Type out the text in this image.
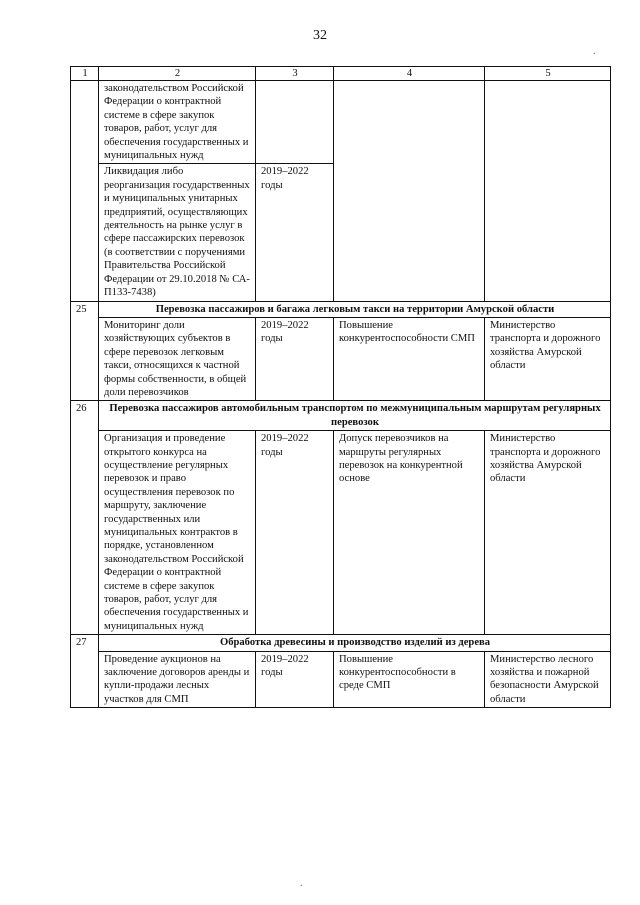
32
.
1	2	3	4	5
	законодательством Российской Федерации о контрактной системе в сфере закупок товаров, работ, услуг для обеспечения государственных и муниципальных нужд			
	Ликвидация либо реорганизация государственных и муниципальных унитарных предприятий, осуществляющих деятельность на рынке услуг в сфере пассажирских перевозок (в соответствии с поручениями Правительства Российской Федерации от 29.10.2018 № СА-П133-7438)	2019–2022 годы		
25	Перевозка пассажиров и багажа легковым такси на территории Амурской области			
	Мониторинг доли хозяйствующих субъектов в сфере перевозок легковым такси, относящихся к частной формы собственности, в общей доли перевозчиков	2019–2022 годы	Повышение конкурентоспособности СМП	Министерство транспорта и дорожного хозяйства Амурской области
26	Перевозка пассажиров автомобильным транспортом по межмуниципальным маршрутам регулярных перевозок			
	Организация и проведение открытого конкурса на осуществление регулярных перевозок и право осуществления перевозок по маршруту, заключение государственных или муниципальных контрактов в порядке, установленном законодательством Российской Федерации о контрактной системе в сфере закупок товаров, работ, услуг для обеспечения государственных и муниципальных нужд	2019–2022 годы	Допуск перевозчиков на маршруты регулярных перевозок на конкурентной основе	Министерство транспорта и дорожного хозяйства Амурской области
27	Обработка древесины и производство изделий из дерева			
	Проведение аукционов на заключение договоров аренды и купли-продажи лесных участков для СМП	2019–2022 годы	Повышение конкурентоспособности в среде СМП	Министерство лесного хозяйства и пожарной безопасности Амурской области
.
